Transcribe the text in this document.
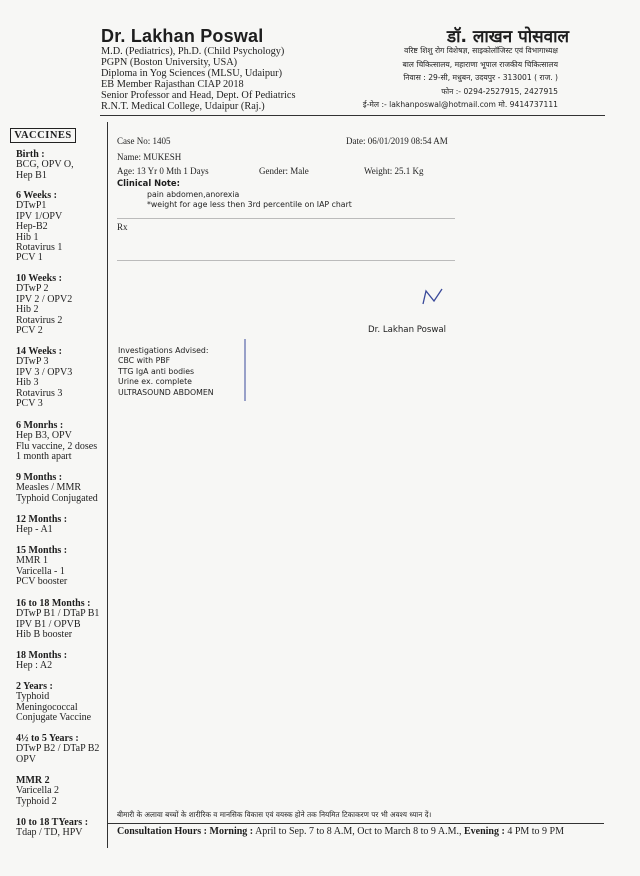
Dr. Lakhan Poswal
M.D. (Pediatrics), Ph.D. (Child Psychology)
PGPN (Boston University, USA)
Diploma in Yog Sciences (MLSU, Udaipur)
EB Member Rajasthan CIAP 2018
Senior Professor and Head, Dept. Of Pediatrics
R.N.T. Medical College, Udaipur (Raj.)
डॉ. लाखन पोसवाल
वरिष्ट शिशु रोग विशेषज्ञ, साइकोलॉजिस्ट एवं विभागाध्यक्ष
बाल चिकित्सालय, महाराणा भूपाल राजकीय चिकित्सालय
निवास : 29-सी, मधुबन, उदयपुर - 313001 ( राज. )
फोन :- 0294-2527915, 2427915
ई-मेल :- lakhanposwal@hotmail.com मो. 9414737111
VACCINES
Birth :
BCG, OPV O,
Hep B1
6 Weeks :
DTwP1
IPV 1/OPV
Hep-B2
Hib 1
Rotavirus 1
PCV 1
10 Weeks :
DTwP 2
IPV 2 / OPV2
Hib 2
Rotavirus 2
PCV 2
14 Weeks :
DTwP 3
IPV 3 / OPV3
Hib 3
Rotavirus 3
PCV 3
6 Monrhs :
Hep B3, OPV
Flu vaccine, 2 doses
1 month apart
9 Months :
Measles / MMR
Typhoid Conjugated
12 Months :
Hep - A1
15 Months :
MMR 1
Varicella - 1
PCV booster
16 to 18 Months :
DTwP B1 / DTaP B1
IPV B1 / OPVB
Hib B booster
18 Months :
Hep : A2
2 Years :
Typhoid
Meningococcal
Conjugate Vaccine
4½ to 5 Years :
DTwP B2 / DTaP B2
OPV
MMR 2
Varicella 2
Typhoid 2
10 to 18 TYears :
Tdap / TD, HPV
Case No: 1405	Date: 06/01/2019 08:54 AM
Name: MUKESH
Age: 13 Yr 0 Mth 1 Days	Gender: Male	Weight: 25.1 Kg
Clinical Note:
pain abdomen,anorexia
*weight for age less then 3rd percentile on IAP chart
Rx
Dr. Lakhan Poswal
Investigations Advised:
CBC with PBF
TTG IgA anti bodies
Urine ex. complete
ULTRASOUND ABDOMEN
बीमारी के अलावा बच्चों के शारीरिक व मानसिक विकास एवं वयस्क होने तक नियमित टिकाकरण पर भी अवश्य ध्यान दें।
Consultation Hours : Morning : April to Sep. 7 to 8 A.M, Oct to March 8 to 9 A.M., Evening : 4 PM to 9 PM
